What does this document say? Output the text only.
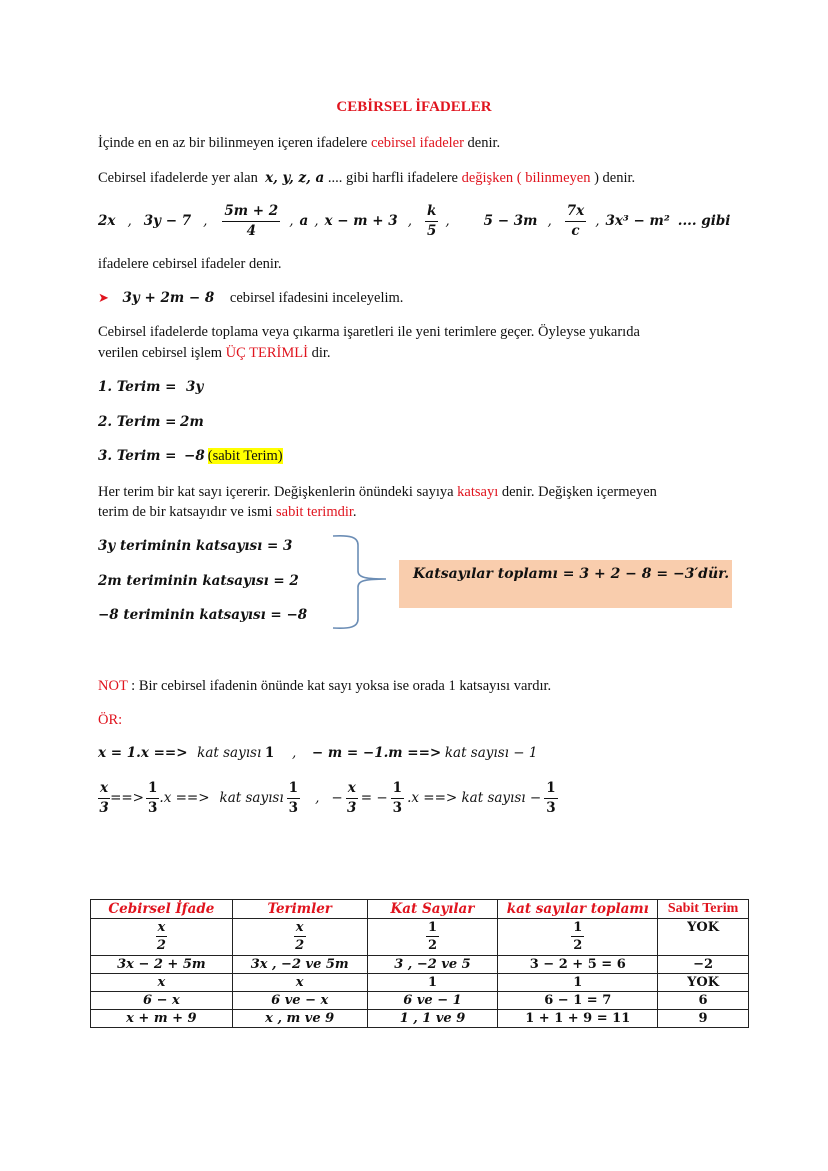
CEBİRSEL İFADELER
İçinde en en az bir bilinmeyen içeren ifadelere cebirsel ifadeler denir.
Cebirsel ifadelerde yer alan  x, y, z, a .... gibi harfli ifadelere değişken ( bilinmeyen ) denir.
2x , 3y − 7 , $\frac{5m + 2}{4}$ , a , x − m + 3 , $\frac{k}{5}$ ,	5 − 3m , $\frac{7x}{c}$ , 3x³ − m² .... gibi
ifadelere cebirsel ifadeler denir.
➤ 3y + 2m − 8 cebirsel ifadesini inceleyelim.
Cebirsel ifadelerde toplama veya çıkarma işaretleri ile yeni terimlere geçer. Öyleyse yukarıda
verilen cebirsel işlem ÜÇ TERİMLİ dir.
1. Terim = 3y
2. Terim = 2m
3. Terim = −8 (sabit Terim)
Her terim bir kat sayı içererir. Değişkenlerin önündeki sayıya katsayı denir. Değişken içermeyen
terim de bir katsayıdır ve ismi sabit terimdir.
3y teriminin katsayısı = 3
2m teriminin katsayısı = 2
−8 teriminin katsayısı = −8
Katsayılar toplamı = 3 + 2 − 8 = −3′dür.
NOT : Bir cebirsel ifadenin önünde kat sayı yoksa ise orada 1 katsayısı vardır.
ÖR:
x = 1.x ==> kat sayısı 1 , − m = −1.m ==> kat sayısı − 1
$\frac{x}{3}$ ==> $\frac{1}{3} .x$ ==> kat sayısı $\frac{1}{3}$ , − $\frac{x}{3}$ = − $\frac{1}{3} .x$ ==> kat sayısı − $\frac{1}{3}$
Cebirsel İfade	Terimler	Kat Sayılar	kat sayılar toplamı	Sabit Terim

$\frac{x}{2}$	$\frac{x}{2}$	$\frac{1}{2}$	$\frac{1}{2}$	YOK
3x − 2 + 5m	3x , −2 ve 5m	3 , −2 ve 5	3 − 2 + 5 = 6	−2
x	x	1	1	YOK
6 − x	6 ve − x	6 ve − 1	6 − 1 = 7	6
x + m + 9	x , m ve 9	1 , 1 ve 9	1 + 1 + 9 = 11	9
